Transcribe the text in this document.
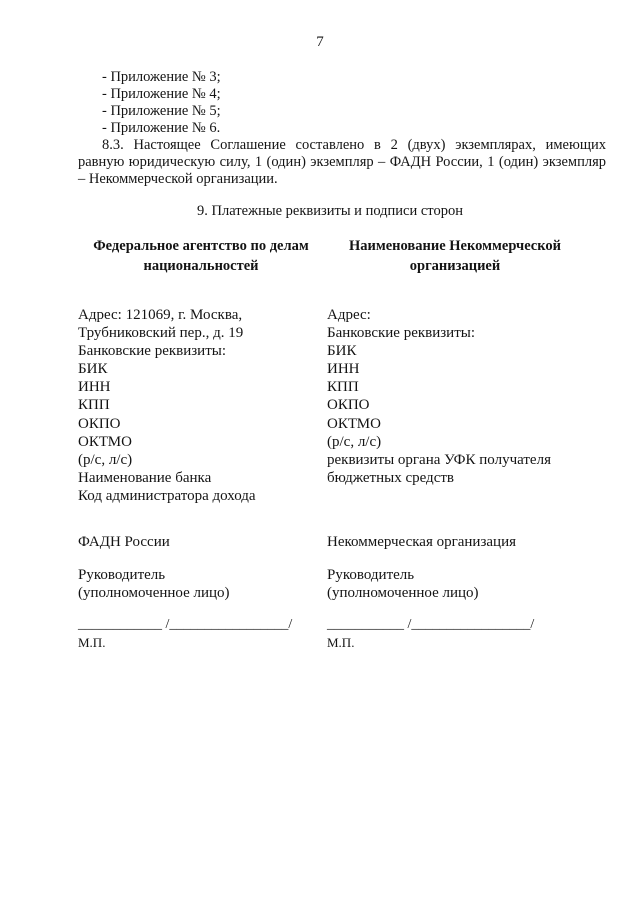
7
- Приложение № 3;
- Приложение № 4;
- Приложение № 5;
- Приложение № 6.
8.3. Настоящее Соглашение составлено в 2 (двух) экземплярах, имеющих
равную юридическую силу, 1 (один) экземпляр – ФАДН России, 1 (один) экземпляр
– Некоммерческой организации.
9. Платежные реквизиты и подписи сторон
Федеральное агентство по делам
национальностей
Наименование Некоммерческой
организацией

Адрес: 121069, г. Москва,

Трубниковский пер., д. 19

Банковские реквизиты:

БИК

ИНН

КПП

ОКПО

ОКТМО

(р/с, л/с)

Наименование банка

Код администратора дохода

Адрес:

Банковские реквизиты:

БИК

ИНН

КПП

ОКПО

ОКТМО

(р/с, л/с)

реквизиты органа УФК получателя

бюджетных средств

ФАДН России	Некоммерческая организация
Руководитель
(уполномоченное лицо)
Руководитель
(уполномоченное лицо)
____________ /_________________/ ___________ /_________________/
М.П.	М.П.
